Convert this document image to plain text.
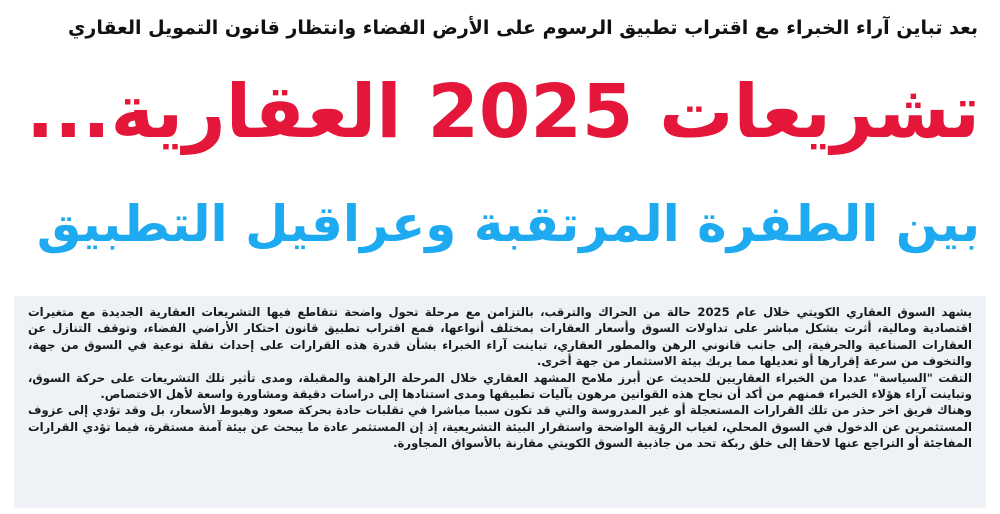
بعد تباين آراء الخبراء مع اقتراب تطبيق الرسوم على الأرض الفضاء وانتظار قانون التمويل العقاري
تشريعات 2025 العقارية...
بين الطفرة المرتقبة وعراقيل التطبيق

يشهد السوق العقاري الكويتي خلال عام 2025 حالة من الحراك والترقب، بالتزامن مع مرحلة تحول واضحة تتقاطع فيها التشريعات العقارية الجديدة مع متغيرات اقتصادية ومالية، أثرت بشكل مباشر على تداولات السوق وأسعار العقارات بمختلف أنواعها، فمع اقتراب تطبيق قانون احتكار الأراضي الفضاء، وتوقف التنازل عن العقارات الصناعية والحرفية، إلى جانب قانوني الرهن والمطور العقاري، تباينت آراء الخبراء بشأن قدرة هذه القرارات على إحداث نقلة نوعية في السوق من جهة، والتخوف من سرعة إقرارها أو تعديلها مما يربك بيئة الاستثمار من جهة أخرى.

التقت "السياسة" عددا من الخبراء العقاريين للحديث عن أبرز ملامح المشهد العقاري خلال المرحلة الراهنة والمقبلة، ومدى تأثير تلك التشريعات على حركة السوق، وتباينت آراء هؤلاء الخبراء فمنهم من أكد أن نجاح هذه القوانين مرهون بآليات تطبيقها ومدى استنادها إلى دراسات دقيقة ومشاورة واسعة لأهل الاختصاص.

وهناك فريق اخر حذر من تلك القرارات المستعجلة أو غير المدروسة والتي قد تكون سببا مباشرا في تقلبات حادة بحركة صعود وهبوط الأسعار، بل وقد تؤدي إلى عزوف المستثمرين عن الدخول في السوق المحلي، لغياب الرؤية الواضحة واستقرار البيئة التشريعية، إذ إن المستثمر عادة ما يبحث عن بيئة آمنة مستقرة، فيما تؤدي القرارات المفاجئة أو التراجع عنها لاحقا إلى خلق ربكة تحد من جاذبية السوق الكويتي مقارنة بالأسواق المجاورة.
